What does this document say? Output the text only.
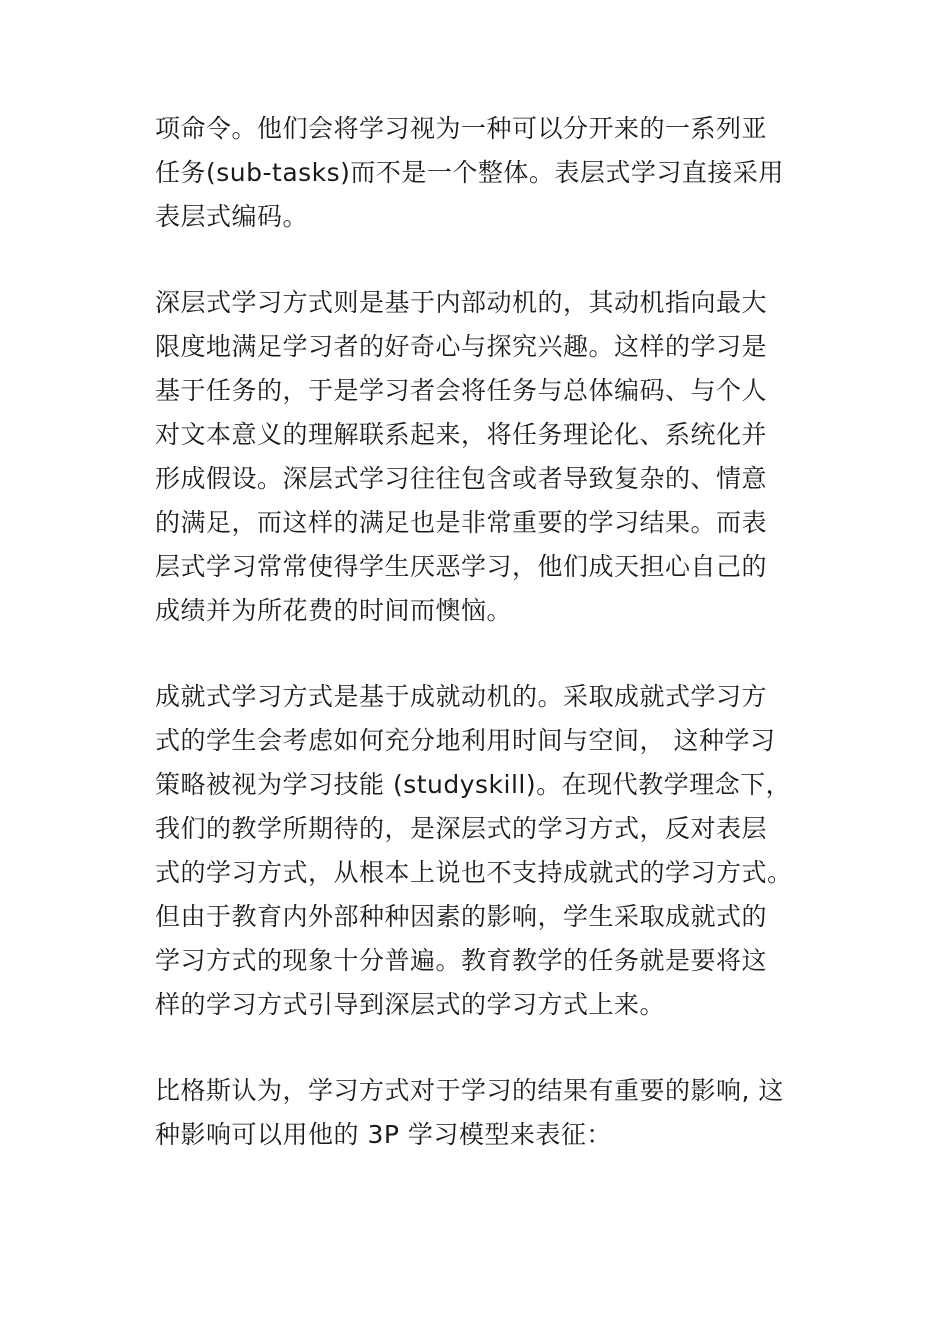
项命令。他们会将学习视为一种可以分开来的一系列亚
任务(sub-tasks)而不是一个整体。表层式学习直接采用
表层式编码。
深层式学习方式则是基于内部动机的，其动机指向最大
限度地满足学习者的好奇心与探究兴趣。这样的学习是
基于任务的，于是学习者会将任务与总体编码、与个人
对文本意义的理解联系起来，将任务理论化、系统化并
形成假设。深层式学习往往包含或者导致复杂的、情意
的满足，而这样的满足也是非常重要的学习结果。而表
层式学习常常使得学生厌恶学习，他们成天担心自己的
成绩并为所花费的时间而懊恼。
成就式学习方式是基于成就动机的。采取成就式学习方
式的学生会考虑如何充分地利用时间与空间， 这种学习
策略被视为学习技能 (studyskill)。在现代教学理念下，
我们的教学所期待的，是深层式的学习方式，反对表层
式的学习方式，从根本上说也不支持成就式的学习方式。
但由于教育内外部种种因素的影响，学生采取成就式的
学习方式的现象十分普遍。教育教学的任务就是要将这
样的学习方式引导到深层式的学习方式上来。
比格斯认为，学习方式对于学习的结果有重要的影响, 这
种影响可以用他的 3P 学习模型来表征：
